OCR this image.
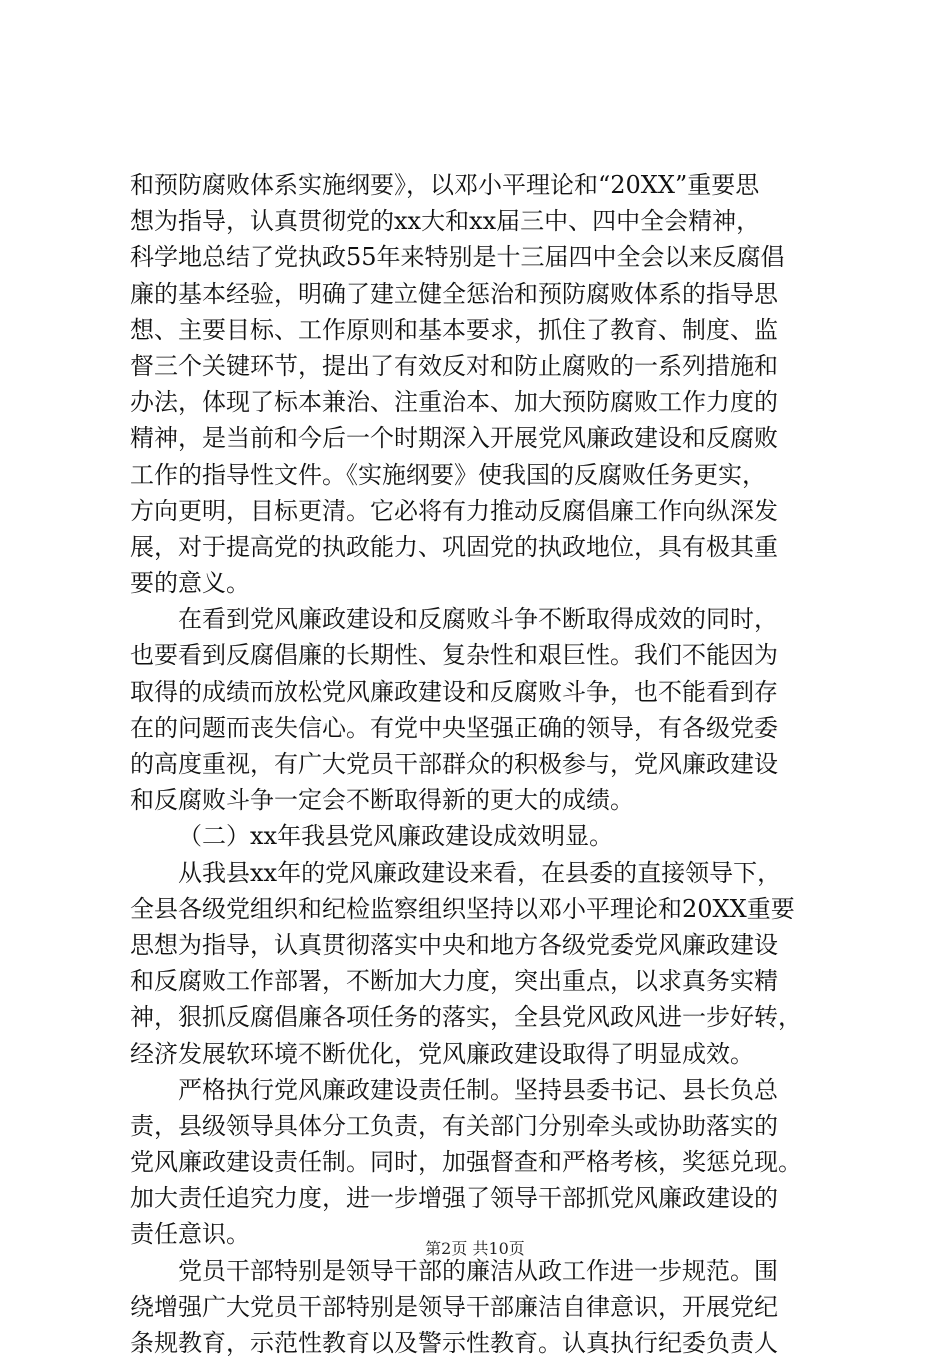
和预防腐败体系实施纲要》，以邓小平理论和“20XX”重要思
想为指导，认真贯彻党的xx大和xx届三中、四中全会精神，
科学地总结了党执政55年来特别是十三届四中全会以来反腐倡
廉的基本经验，明确了建立健全惩治和预防腐败体系的指导思
想、主要目标、工作原则和基本要求，抓住了教育、制度、监
督三个关键环节，提出了有效反对和防止腐败的一系列措施和
办法，体现了标本兼治、注重治本、加大预防腐败工作力度的
精神，是当前和今后一个时期深入开展党风廉政建设和反腐败
工作的指导性文件。《实施纲要》使我国的反腐败任务更实，
方向更明，目标更清。它必将有力推动反腐倡廉工作向纵深发
展，对于提高党的执政能力、巩固党的执政地位，具有极其重
要的意义。
在看到党风廉政建设和反腐败斗争不断取得成效的同时，
也要看到反腐倡廉的长期性、复杂性和艰巨性。我们不能因为
取得的成绩而放松党风廉政建设和反腐败斗争，也不能看到存
在的问题而丧失信心。有党中央坚强正确的领导，有各级党委
的高度重视，有广大党员干部群众的积极参与，党风廉政建设
和反腐败斗争一定会不断取得新的更大的成绩。
（二）xx年我县党风廉政建设成效明显。
从我县xx年的党风廉政建设来看，在县委的直接领导下，
全县各级党组织和纪检监察组织坚持以邓小平理论和20XX重要
思想为指导，认真贯彻落实中央和地方各级党委党风廉政建设
和反腐败工作部署，不断加大力度，突出重点，以求真务实精
神，狠抓反腐倡廉各项任务的落实，全县党风政风进一步好转，
经济发展软环境不断优化，党风廉政建设取得了明显成效。
严格执行党风廉政建设责任制。坚持县委书记、县长负总
责，县级领导具体分工负责，有关部门分别牵头或协助落实的
党风廉政建设责任制。同时，加强督查和严格考核，奖惩兑现。
加大责任追究力度，进一步增强了领导干部抓党风廉政建设的
责任意识。
党员干部特别是领导干部的廉洁从政工作进一步规范。围
绕增强广大党员干部特别是领导干部廉洁自律意识，开展党纪
条规教育，示范性教育以及警示性教育。认真执行纪委负责人
第2页 共10页
